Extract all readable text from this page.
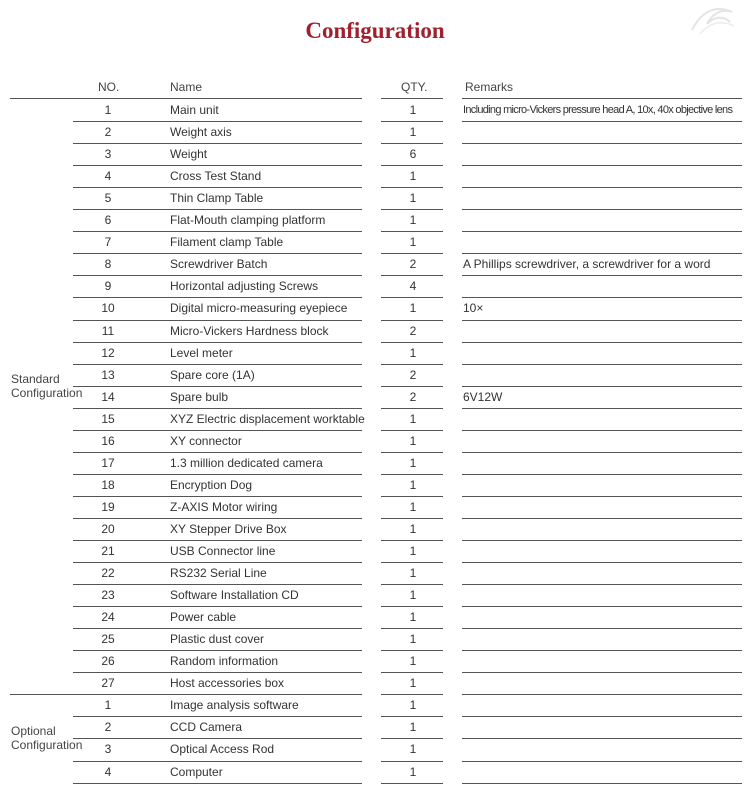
Configuration
NO.	Name	QTY.	Remarks
1	Main unit	1	Including micro-Vickers pressure head A, 10x, 40x objective lens
2	Weight axis	1
3	Weight	6
4	Cross Test Stand	1
5	Thin Clamp Table	1
6	Flat-Mouth clamping platform	1
7	Filament clamp Table	1
8	Screwdriver Batch	2	A Phillips screwdriver, a screwdriver for a word
9	Horizontal adjusting Screws	4
10	Digital micro-measuring eyepiece	1	10×
11	Micro-Vickers Hardness block	2
12	Level meter	1
13	Spare core (1A)	2
14	Spare bulb	2	6V12W
15	XYZ Electric displacement worktable	1
16	XY connector	1
17	1.3 million dedicated camera	1
18	Encryption Dog	1
19	Z-AXIS Motor wiring	1
20	XY Stepper Drive Box	1
21	USB Connector line	1
22	RS232 Serial Line	1
23	Software Installation CD	1
24	Power cable	1
25	Plastic dust cover	1
26	Random information	1
27	Host accessories box	1
1	Image analysis software	1
2	CCD Camera	1
3	Optical Access Rod	1
4	Computer	1
Standard
Configuration
Optional
Configuration
